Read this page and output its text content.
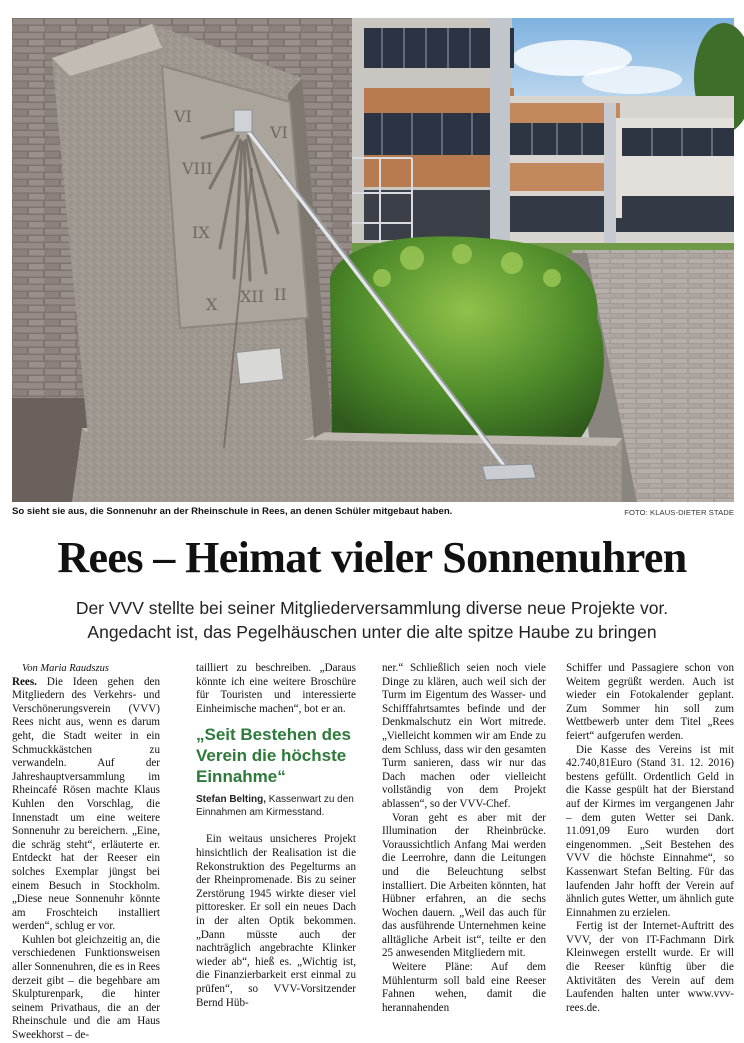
VI
VIII
IX
X XII II
VI
So sieht sie aus, die Sonnenuhr an der Rheinschule in Rees, an denen Schüler mitgebaut haben.	FOTO: KLAUS-DIETER STADE
Rees – Heimat vieler Sonnenuhren
Der VVV stellte bei seiner Mitgliederversammlung diverse neue Projekte vor.
Angedacht ist, das Pegelhäuschen unter die alte spitze Haube zu bringen

Von Maria Raudszus

Rees. Die Ideen gehen den Mitgliedern des Verkehrs- und Verschönerungsverein (VVV) Rees nicht aus, wenn es darum geht, die Stadt weiter in ein Schmuckkästchen zu verwandeln. Auf der Jahreshauptversammlung im Rheincafé Rösen machte Klaus Kuhlen den Vorschlag, die Innenstadt um eine weitere Sonnenuhr zu bereichern. „Eine, die schräg steht“, erläuterte er. Entdeckt hat der Reeser ein solches Exemplar jüngst bei einem Besuch in Stockholm. „Diese neue Sonnenuhr könnte am Froschteich installiert werden“, schlug er vor.

Kuhlen bot gleichzeitig an, die verschiedenen Funktionsweisen aller Sonnenuhren, die es in Rees derzeit gibt – die begehbare am Skulpturenpark, die hinter seinem Privathaus, die an der Rheinschule und die am Haus Sweekhorst – de-

tailliert zu beschreiben. „Daraus könnte ich eine weitere Broschüre für Touristen und interessierte Einheimische machen“, bot er an.

„Seit Bestehen des Verein die höchste Einnahme“
Stefan Belting, Kassenwart zu den Einnahmen am Kirmesstand.

Ein weitaus unsicheres Projekt hinsichtlich der Realisation ist die Rekonstruktion des Pegelturms an der Rheinpromenade. Bis zu seiner Zerstörung 1945 wirkte dieser viel pittoresker. Er soll ein neues Dach in der alten Optik bekommen. „Dann müsste auch der nachträglich angebrachte Klinker wieder ab“, hieß es. „Wichtig ist, die Finanzierbarkeit erst einmal zu prüfen“, so VVV-Vorsitzender Bernd Hüb-

ner.“ Schließlich seien noch viele Dinge zu klären, auch weil sich der Turm im Eigentum des Wasser- und Schifffahrtsamtes befinde und der Denkmalschutz ein Wort mitrede. „Vielleicht kommen wir am Ende zu dem Schluss, dass wir den gesamten Turm sanieren, dass wir nur das Dach machen oder vielleicht vollständig von dem Projekt ablassen“, so der VVV-Chef.

Voran geht es aber mit der Illumination der Rheinbrücke. Voraussichtlich Anfang Mai werden die Leerrohre, dann die Leitungen und die Beleuchtung selbst installiert. Die Arbeiten könnten, hat Hübner erfahren, an die sechs Wochen dauern. „Weil das auch für das ausführende Unternehmen keine alltägliche Arbeit ist“, teilte er den 25 anwesenden Mitgliedern mit.

Weitere Pläne: Auf dem Mühlenturm soll bald eine Reeser Fahnen wehen, damit die herannahenden

Schiffer und Passagiere schon von Weitem gegrüßt werden. Auch ist wieder ein Fotokalender geplant. Zum Sommer hin soll zum Wettbewerb unter dem Titel „Rees feiert“ aufgerufen werden.

Die Kasse des Vereins ist mit 42.740,81Euro (Stand 31. 12. 2016) bestens gefüllt. Ordentlich Geld in die Kasse gespült hat der Bierstand auf der Kirmes im vergangenen Jahr – dem guten Wetter sei Dank. 11.091,09 Euro wurden dort eingenommen. „Seit Bestehen des VVV die höchste Einnahme“, so Kassenwart Stefan Belting. Für das laufenden Jahr hofft der Verein auf ähnlich gutes Wetter, um ähnlich gute Einnahmen zu erzielen.

Fertig ist der Internet-Auftritt des VVV, der von IT-Fachmann Dirk Kleinwegen erstellt wurde. Er will die Reeser künftig über die Aktivitäten des Verein auf dem Laufenden halten unter www.vvv-rees.de.
